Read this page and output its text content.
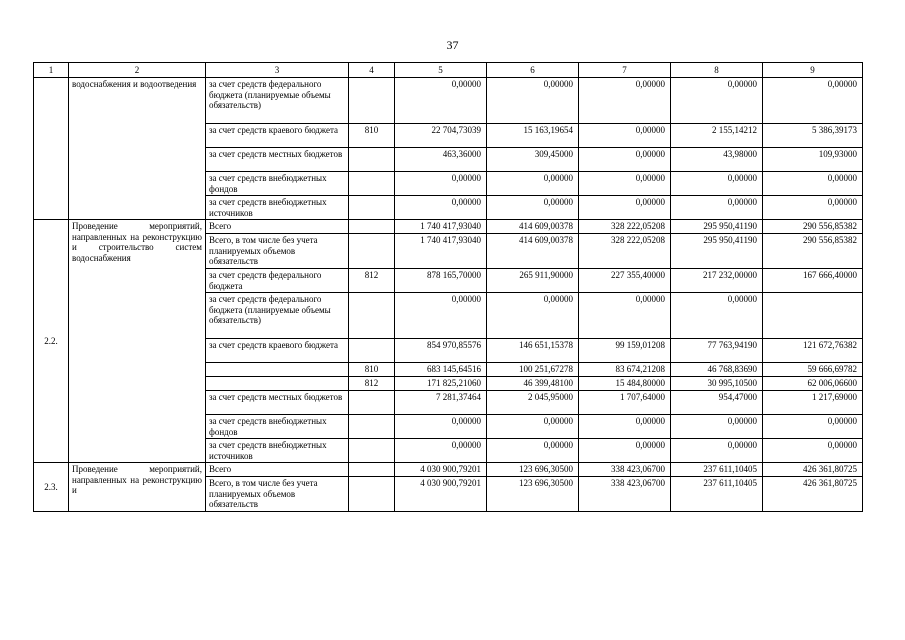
37
1	2	3	4	5	6	7	8	9
	водоснабжения и водоотведения	за счет средств федерального бюджета (планируемые объемы обязательств)		0,00000	0,00000	0,00000	0,00000	0,00000
		за счет средств краевого бюджета	810	22 704,73039	15 163,19654	0,00000	2 155,14212	5 386,39173
		за счет средств местных бюджетов		463,36000	309,45000	0,00000	43,98000	109,93000
		за счет средств внебюджетных фондов		0,00000	0,00000	0,00000	0,00000	0,00000
		за счет средств внебюджетных источников		0,00000	0,00000	0,00000	0,00000	0,00000
2.2.	Проведение мероприятий, направленных на реконструкцию и строительство систем водоснабжения	Всего		1 740 417,93040	414 609,00378	328 222,05208	295 950,41190	290 556,85382
		Всего, в том числе без учета планируемых объемов обязательств		1 740 417,93040	414 609,00378	328 222,05208	295 950,41190	290 556,85382
		за счет средств федерального бюджета	812	878 165,70000	265 911,90000	227 355,40000	217 232,00000	167 666,40000
		за счет средств федерального бюджета (планируемые объемы обязательств)		0,00000	0,00000	0,00000	0,00000	
		за счет средств краевого бюджета		854 970,85576	146 651,15378	99 159,01208	77 763,94190	121 672,76382
			810	683 145,64516	100 251,67278	83 674,21208	46 768,83690	59 666,69782
			812	171 825,21060	46 399,48100	15 484,80000	30 995,10500	62 006,06600
		за счет средств местных бюджетов		7 281,37464	2 045,95000	1 707,64000	954,47000	1 217,69000
		за счет средств внебюджетных фондов		0,00000	0,00000	0,00000	0,00000	0,00000
		за счет средств внебюджетных источников		0,00000	0,00000	0,00000	0,00000	0,00000
2.3.	Проведение мероприятий, направленных на реконструкцию и	Всего		4 030 900,79201	123 696,30500	338 423,06700	237 611,10405	426 361,80725
		Всего, в том числе без учета планируемых объемов обязательств		4 030 900,79201	123 696,30500	338 423,06700	237 611,10405	426 361,80725
